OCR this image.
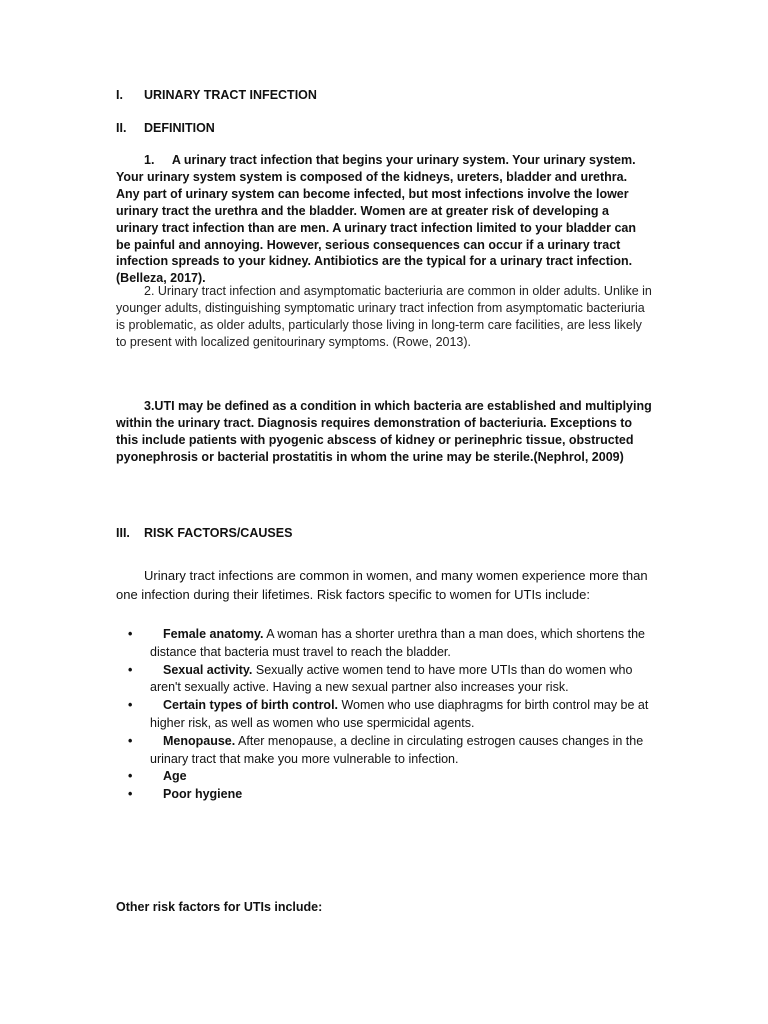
I. URINARY TRACT INFECTION
II. DEFINITION
1. A urinary tract infection that begins your urinary system. Your urinary system. Your urinary system system is composed of the kidneys, ureters, bladder and urethra. Any part of urinary system can become infected, but most infections involve the lower urinary tract the urethra and the bladder. Women are at greater risk of developing a urinary tract infection than are men. A urinary tract infection limited to your bladder can be painful and annoying. However, serious consequences can occur if a urinary tract infection spreads to your kidney. Antibiotics are the typical for a urinary tract infection. (Belleza, 2017).
2. Urinary tract infection and asymptomatic bacteriuria are common in older adults. Unlike in younger adults, distinguishing symptomatic urinary tract infection from asymptomatic bacteriuria is problematic, as older adults, particularly those living in long-term care facilities, are less likely to present with localized genitourinary symptoms. (Rowe, 2013).
3.UTI may be defined as a condition in which bacteria are established and multiplying within the urinary tract. Diagnosis requires demonstration of bacteriuria. Exceptions to this include patients with pyogenic abscess of kidney or perinephric tissue, obstructed pyonephrosis or bacterial prostatitis in whom the urine may be sterile.(Nephrol, 2009)
III. RISK FACTORS/CAUSES
Urinary tract infections are common in women, and many women experience more than one infection during their lifetimes. Risk factors specific to women for UTIs include:
• Female anatomy. A woman has a shorter urethra than a man does, which shortens the distance that bacteria must travel to reach the bladder.
• Sexual activity. Sexually active women tend to have more UTIs than do women who aren't sexually active. Having a new sexual partner also increases your risk.
• Certain types of birth control. Women who use diaphragms for birth control may be at higher risk, as well as women who use spermicidal agents.
• Menopause. After menopause, a decline in circulating estrogen causes changes in the urinary tract that make you more vulnerable to infection.
• Age
• Poor hygiene
Other risk factors for UTIs include:
